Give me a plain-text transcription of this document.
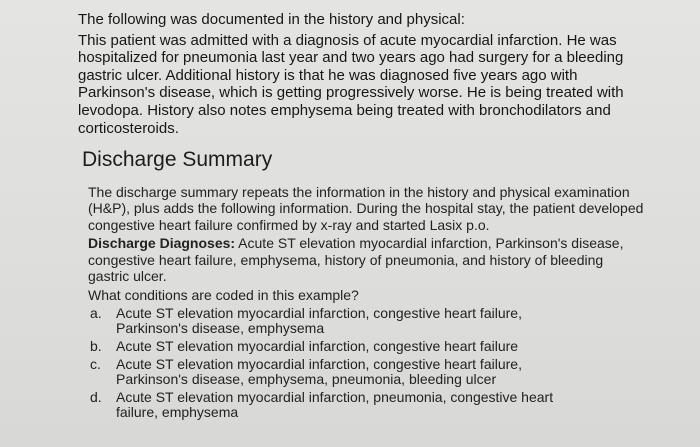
The following was documented in the history and physical:

This patient was admitted with a diagnosis of acute myocardial infarction. He was hospitalized for pneumonia last year and two years ago had surgery for a bleeding gastric ulcer. Additional history is that he was diagnosed five years ago with Parkinson's disease, which is getting progressively worse. He is being treated with levodopa. History also notes emphysema being treated with bronchodilators and corticosteroids.

Discharge Summary

The discharge summary repeats the information in the history and physical examination (H&P), plus adds the following information. During the hospital stay, the patient developed congestive heart failure confirmed by x-ray and started Lasix p.o.

Discharge Diagnoses: Acute ST elevation myocardial infarction, Parkinson's disease, congestive heart failure, emphysema, history of pneumonia, and history of bleeding gastric ulcer.

What conditions are coded in this example?

a.	Acute ST elevation myocardial infarction, congestive heart failure, Parkinson's disease, emphysema
b.	Acute ST elevation myocardial infarction, congestive heart failure
c.	Acute ST elevation myocardial infarction, congestive heart failure, Parkinson's disease, emphysema, pneumonia, bleeding ulcer
d.	Acute ST elevation myocardial infarction, pneumonia, congestive heart failure, emphysema
